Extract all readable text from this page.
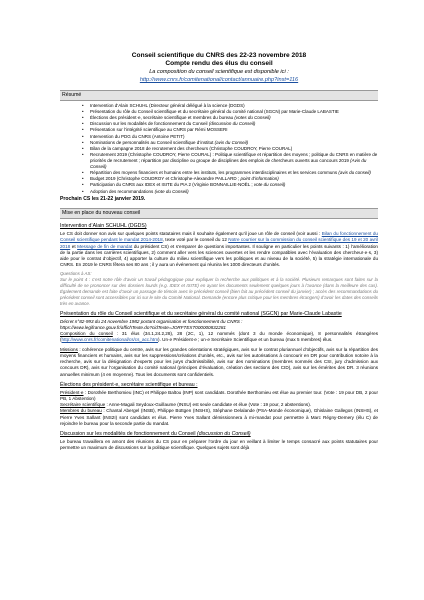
Conseil scientifique du CNRS des 22-23 novembre 2018
Compte rendu des élus du conseil
La composition du conseil scientifique est disponible ici :
http://www.cnrs.fr/comitenational/contact/annuaire.php?inst=116
Résumé
• Intervention d’Alain SCHUHL (Directeur général délégué à la science (DGDS)
• Présentation du rôle du Conseil scientifique et du secrétaire général du comité national (SGCN) par Marie-Claude LABASTIE
• Élections des président·e, secrétaire scientifique et membres du bureau (votes du Conseil)
• Discussion sur les modalités de fonctionnement du Conseil (discussion du Conseil)
• Présentation sur l’intégrité scientifique au CNRS par Rémi MOSSERI
• Intervention du PDG du CNRS (Antoine PETIT)
• Nominations de personnalités au Conseil scientifique d’institut (avis du Conseil)
• Bilan de la campagne 2018 de recrutement des chercheurs (Christophe COUDROY, Pierre COURAL)
• Recrutement 2019 (Christophe COUDROY, Pierre COURAL) : Politique scientifique et répartition des moyens ; politique du CNRS en matière de priorités de recrutement ; répartition par discipline ou groupe de disciplines des emplois de chercheurs ouverts aux concours 2019 (Avis du Conseil)
• Répartition des moyens financiers et humains entre les instituts, les programmes interdisciplinaires et les services communs (avis du conseil)
• Budget 2019 (Christophe COUDROY et Christophe-Alexandre PAILLARD ; point d’information)
• Participation du CNRS aux IDEX et ISITE du PIA 2 (Virginie BONNAILLIE-NOËL ; vote du conseil)
• Adoption des recommandations (vote du Conseil)
Prochain CS les 21-22 janvier 2019.
Mise en place du nouveau conseil
Intervention d’Alain SCHUHL (DGDS)
Le CS doit donner son avis sur quelques points statutaires mais il souhaite également qu’il joue un rôle de conseil (voir aussi : Bilan du fonctionnement du Conseil scientifique pendant le mandat 2014-2018, texte voté par le conseil du 12 Notre courrier sur la commission du conseil scientifique des 19 et 20 avril 2018 et Message de fin de mandat du président CS) et s’emparer de questions importantes. Il souligne en particulier les points suivants : 1) l’amélioration de la partie dans les carrières scientifiques, 2) comment aller vers les sciences ouvertes et les rendre compatibles avec l’évaluation des chercheur·e·s, 3) aide pour le contrat d’objectif, 4) apporter la culture du milieu scientifique vers les politiques et au niveau de la société, 5) la stratégie internationale du CNRS. En 2019 le CNRS fêtera ses 80 ans ; il y aura un événement qui réunira les 1000 directeurs d’unités.
Questions à AS:
Sur le point 4 : c’est notre rôle d’avoir un travail pédagogique pour expliquer la recherche aux politiques et à la société. Plusieurs remarques sont faites sur la difficulté de se prononcer sur des dossiers lourds (e.g. IDEX et ISITE) en ayant les documents seulement quelques jours à l’avance (dans la meilleure des cas). Également demande est faite d’avoir un passage de témoin avec le précédent conseil (bien fait au précédent conseil du janvier) ; accès des recommandations du précédent conseil sont accessibles par ici sur le site du Comité National. Demande (encore plus critique pour les membres étrangers) d’avoir les dates des conseils très en avance.
Présentation du rôle du Conseil scientifique et du secrétaire général du comité national (SGCN) par Marie-Claude Labastie
Décret n°82-993 du 24 novembre 1982 portant organisation et fonctionnement du CNRS :
https://www.legifrance.gouv.fr/affichTexte.do?cidTexte=JORFTEXT000000832281
Composition du conseil : 31 élus (34.1,24.2,28), 28 (2C, 1), 12 nommés (dont 3 du monde économique), 8 personnalités étrangères (http://www.cnrs.fr/comitenational/cs/cs_acc.htm). Un·e Président·e ; un·e Secrétaire Scientifique et un bureau (max 5 membres) élus.
Missions : cohérence politique du centre, avis sur les grandes orientations stratégiques, avis sur le contrat pluriannuel d’objectifs, avis sur la répartition des moyens financiers et humains, avis sur les suppressions/créations d’unités, etc., avis sur les autorisations à concourir en DR pour contribution notoire à la recherche, avis sur la désignation d’experts pour les jurys d’admissibilité, avis sur des nominations (membres nommés des CSI, jury d’admission aux concours DR), avis sur l’organisation du comité national (principes d’évaluation, création des sections des CID), avis sur les émérites des DR. 3 réunions annuelles minimum (4 en moyenne). Tous les documents sont confidentiels.
Élections des président·e, secrétaire scientifique et bureau :
Président·e : Dorothée Berthomieu (INC) et Philippe Baltou (INP) sont candidats. Dorothée Berthomieu est élue au premier tour. (Vote : 19 pour DB, 2 pour PB, 1 Abstention)
Secrétaire scientifique : Anne-Magali Seydoux-Guillaume (INSU) est seule candidate et élue (Vote : 19 pour, 2 abstentions).
Membres du bureau : Chantal Abergel (INSB), Philippe Büttgen (INSHS), Stéphane Delalande (PSA-Monde économique), Ghislaine Gallegos (INSHS), et Pierre Yves Sallant (INS2I) sont candidats et élus. Pierre Yves Sallant démissionnera à mi-mandat pour permettre à Marc Régny-Demery (élu C) de rejoindre le bureau pour la seconde partie du mandat.
Discussion sur les modalités de fonctionnement du Conseil (discussion du Conseil)
Le bureau travaillera en amont des réunions du CS pour en préparer l’ordre du jour en veillant à limiter le temps consacré aux points statutaires pour permettre un maximum de discussions sur la politique scientifique. Quelques sujets sont déjà
